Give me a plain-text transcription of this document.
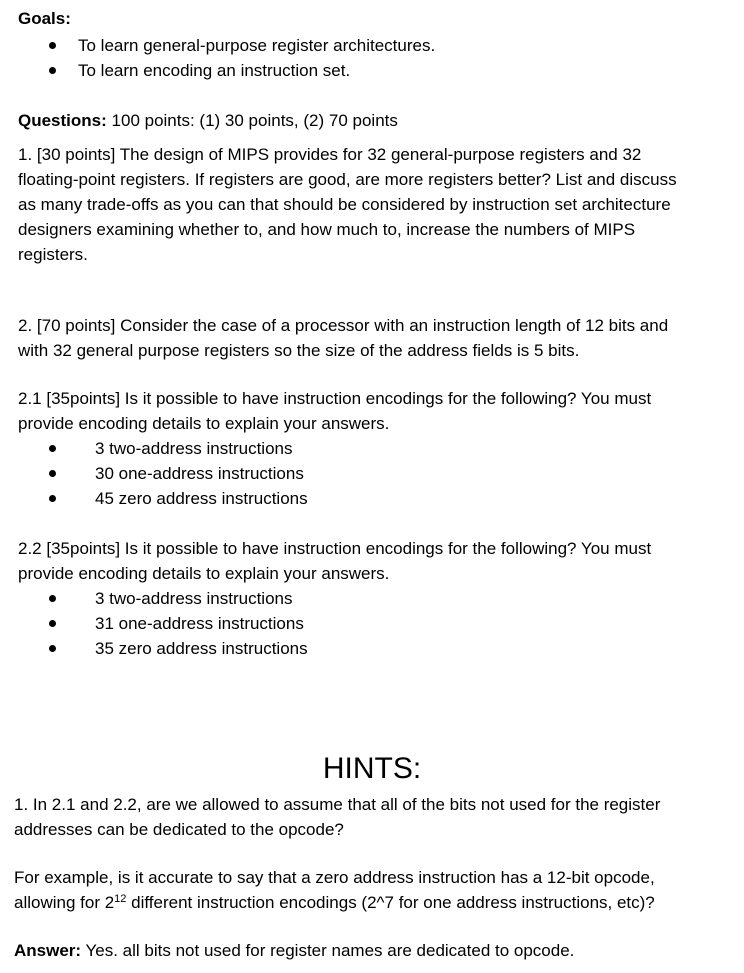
Goals:
To learn general-purpose register architectures.
To learn encoding an instruction set.
Questions: 100 points: (1) 30 points, (2) 70 points
1. [30 points] The design of MIPS provides for 32 general-purpose registers and 32
floating-point registers. If registers are good, are more registers better? List and discuss
as many trade-offs as you can that should be considered by instruction set architecture
designers examining whether to, and how much to, increase the numbers of MIPS
registers.
2. [70 points] Consider the case of a processor with an instruction length of 12 bits and
with 32 general purpose registers so the size of the address fields is 5 bits.
2.1 [35points] Is it possible to have instruction encodings for the following? You must
provide encoding details to explain your answers.
3 two-address instructions
30 one-address instructions
45 zero address instructions
2.2 [35points] Is it possible to have instruction encodings for the following? You must
provide encoding details to explain your answers.
3 two-address instructions
31 one-address instructions
35 zero address instructions
HINTS:
1. In 2.1 and 2.2, are we allowed to assume that all of the bits not used for the register
addresses can be dedicated to the opcode?
For example, is it accurate to say that a zero address instruction has a 12-bit opcode,
allowing for $2^{12}$ different instruction encodings (2^7 for one address instructions, etc)?
Answer: Yes. all bits not used for register names are dedicated to opcode.
